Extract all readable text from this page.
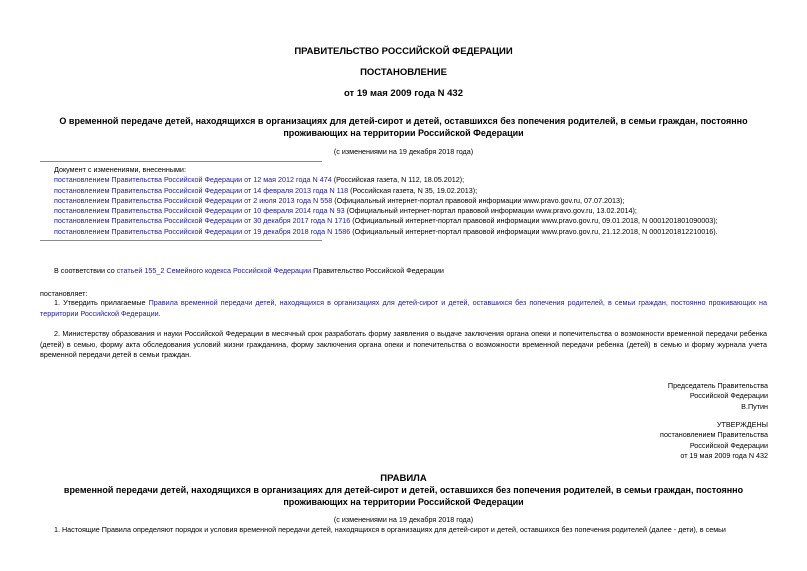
ПРАВИТЕЛЬСТВО РОССИЙСКОЙ ФЕДЕРАЦИИ
ПОСТАНОВЛЕНИЕ
от 19 мая 2009 года N 432
О временной передаче детей, находящихся в организациях для детей-сирот и детей, оставшихся без попечения родителей, в семьи граждан, постоянно
проживающих на территории Российской Федерации
(с изменениями на 19 декабря 2018 года)
Документ с изменениями, внесенными:
постановлением Правительства Российской Федерации от 12 мая 2012 года N 474 (Российская газета, N 112, 18.05.2012);
постановлением Правительства Российской Федерации от 14 февраля 2013 года N 118 (Российская газета, N 35, 19.02.2013);
постановлением Правительства Российской Федерации от 2 июля 2013 года N 558 (Официальный интернет-портал правовой информации www.pravo.gov.ru, 07.07.2013);
постановлением Правительства Российской Федерации от 10 февраля 2014 года N 93 (Официальный интернет-портал правовой информации www.pravo.gov.ru, 13.02.2014);
постановлением Правительства Российской Федерации от 30 декабря 2017 года N 1716 (Официальный интернет-портал правовой информации www.pravo.gov.ru, 09.01.2018, N 0001201801090003);
постановлением Правительства Российской Федерации от 19 декабря 2018 года N 1586 (Официальный интернет-портал правовой информации www.pravo.gov.ru, 21.12.2018, N 0001201812210016).
В соответствии со статьей 155_2 Семейного кодекса Российской Федерации Правительство Российской Федерации
постановляет:
1. Утвердить прилагаемые Правила временной передачи детей, находящихся в организациях для детей-сирот и детей, оставшихся без попечения родителей, в семьи граждан, постоянно проживающих на территории Российской Федерации.
2. Министерству образования и науки Российской Федерации в месячный срок разработать форму заявления о выдаче заключения органа опеки и попечительства о возможности временной передачи ребенка (детей) в семью, форму акта обследования условий жизни гражданина, форму заключения органа опеки и попечительства о возможности временной передачи ребенка (детей) в семью и форму журнала учета временной передачи детей в семьи граждан.
Председатель Правительства
Российской Федерации
В.Путин
УТВЕРЖДЕНЫ
постановлением Правительства
Российской Федерации
от 19 мая 2009 года N 432
ПРАВИЛА
временной передачи детей, находящихся в организациях для детей-сирот и детей, оставшихся без попечения родителей, в семьи граждан, постоянно
проживающих на территории Российской Федерации
(с изменениями на 19 декабря 2018 года)
1. Настоящие Правила определяют порядок и условия временной передачи детей, находящихся в организациях для детей-сирот и детей, оставшихся без попечения родителей (далее - дети), в семьи
